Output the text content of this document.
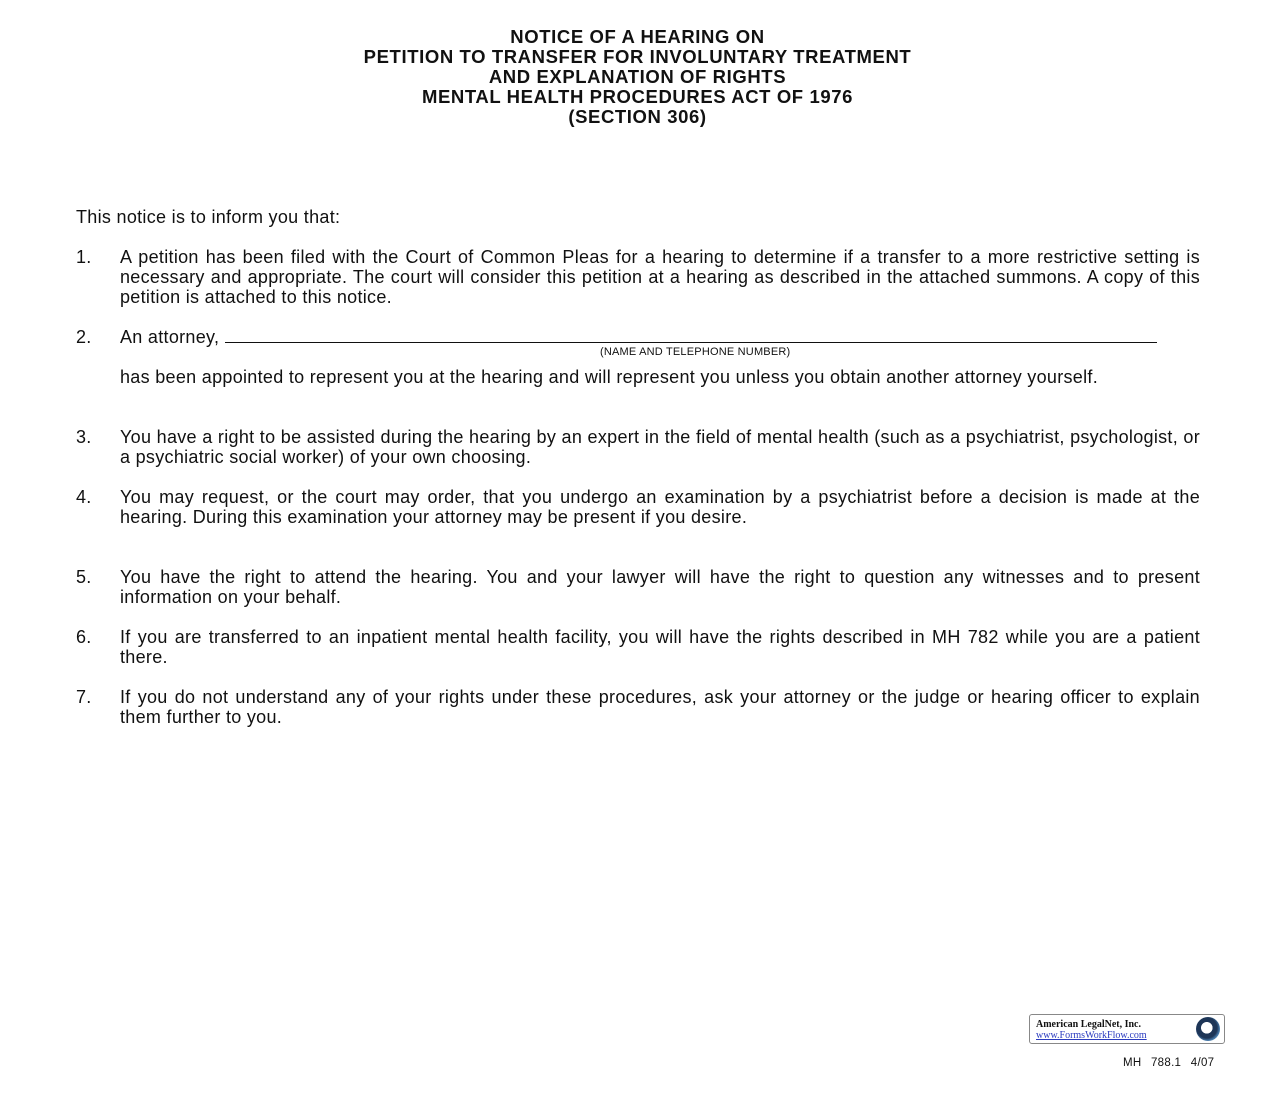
NOTICE OF A HEARING ON
PETITION TO TRANSFER FOR INVOLUNTARY TREATMENT
AND EXPLANATION OF RIGHTS
MENTAL HEALTH PROCEDURES ACT OF 1976
(SECTION 306)
This notice is to inform you that:
1. A petition has been filed with the Court of Common Pleas for a hearing to determine if a transfer to a more restrictive setting is necessary and appropriate. The court will consider this petition at a hearing as described in the attached summons. A copy of this petition is attached to this notice.
2. An attorney,
(NAME AND TELEPHONE NUMBER)
has been appointed to represent you at the hearing and will represent you unless you obtain another attorney yourself.
3. You have a right to be assisted during the hearing by an expert in the field of mental health (such as a psychiatrist, psychologist, or a psychiatric social worker) of your own choosing.
4. You may request, or the court may order, that you undergo an examination by a psychiatrist before a decision is made at the hearing. During this examination your attorney may be present if you desire.
5. You have the right to attend the hearing. You and your lawyer will have the right to question any witnesses and to present information on your behalf.
6. If you are transferred to an inpatient mental health facility, you will have the rights described in MH 782 while you are a patient there.
7. If you do not understand any of your rights under these procedures, ask your attorney or the judge or hearing officer to explain them further to you.
American LegalNet, Inc.
www.FormsWorkFlow.com
MH 788.1 4/07
